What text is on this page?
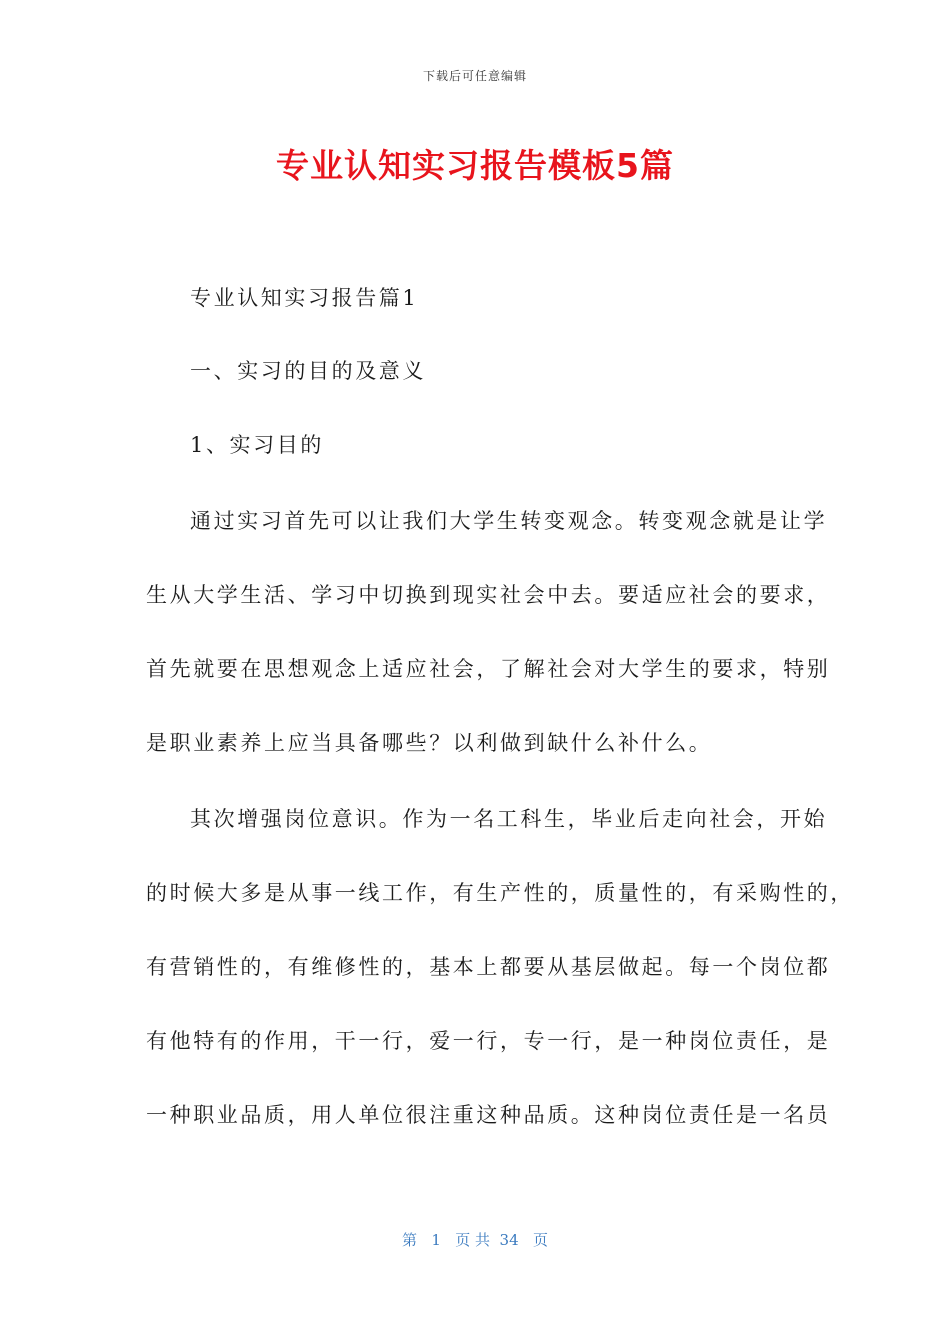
下载后可任意编辑
专业认知实习报告模板5篇
专业认知实习报告篇1
一、实习的目的及意义
1、实习目的
通过实习首先可以让我们大学生转变观念。转变观念就是让学
生从大学生活、学习中切换到现实社会中去。要适应社会的要求，
首先就要在思想观念上适应社会，了解社会对大学生的要求，特别
是职业素养上应当具备哪些？以利做到缺什么补什么。
其次增强岗位意识。作为一名工科生，毕业后走向社会，开始
的时候大多是从事一线工作，有生产性的，质量性的，有采购性的，
有营销性的，有维修性的，基本上都要从基层做起。每一个岗位都
有他特有的作用，干一行，爱一行，专一行，是一种岗位责任，是
一种职业品质，用人单位很注重这种品质。这种岗位责任是一名员
第 1 页 共 34 页
